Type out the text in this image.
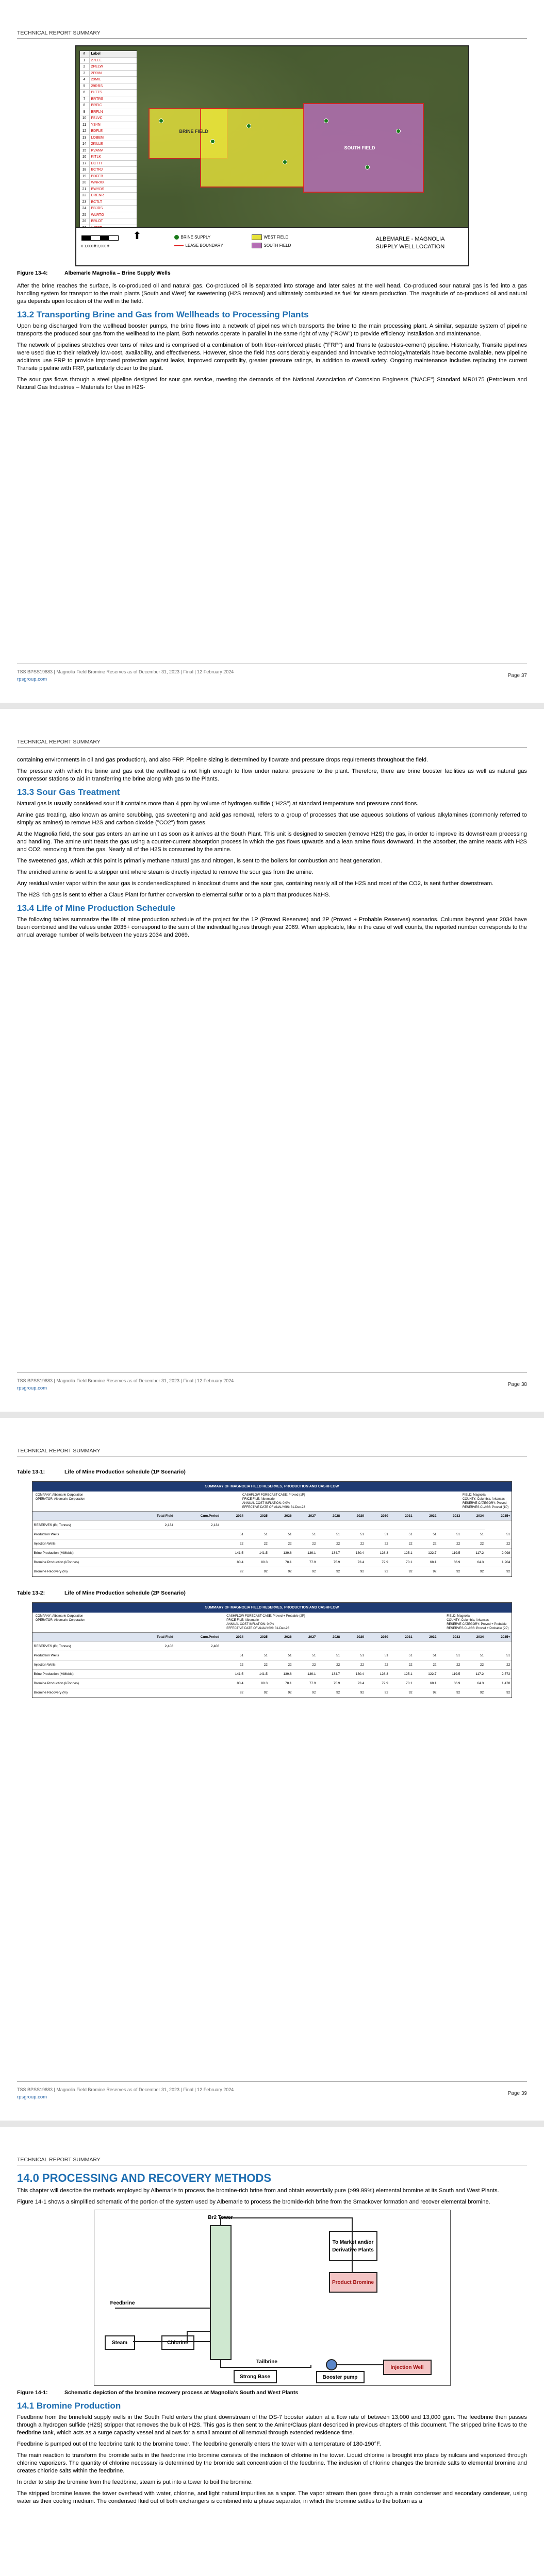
TECHNICAL REPORT SUMMARY
BRINE FIELD
SOUTH FIELD
#	Label
1	27LEE
2	2PELW
3	2PRIN
4	29MIL
5	29RRS
6	BLTTS
7	BRTRS
8	BRFIC
9	BRFLN
10	FSLVC
11	YS4N
12	BDFLE
13	LOBEM
14	2KILLE
15	KVANV
16	KITLK
17	ECTTT
18	BCTRJ
19	BDFEB
20	WNRXX
21	BWYDS
22	DRENR
23	BCTLT
24	BBJDS
25	WLRTO
26	BRLOT
0 1,000 ft 2,000 ft
⬆	BRINE SUPPLY	WEST FIELD LEASE BOUNDARY	SOUTH FIELD
ALBEMARLE - MAGNOLIA
SUPPLY WELL LOCATION
Figure 13-4:	Albemarle Magnolia – Brine Supply Wells

After the brine reaches the surface, is co-produced oil and natural gas. Co-produced oil is separated into storage and later sales at the well head. Co-produced sour natural gas is fed into a gas handling system for transport to the main plants (South and West) for sweetening (H2S removal) and ultimately combusted as fuel for steam production. The magnitude of co-produced oil and natural gas depends upon location of the well in the field.

13.2 Transporting Brine and Gas from Wellheads to Processing Plants

Upon being discharged from the wellhead booster pumps, the brine flows into a network of pipelines which transports the brine to the main processing plant. A similar, separate system of pipeline transports the produced sour gas from the wellhead to the plant. Both networks operate in parallel in the same right of way ("ROW") to provide efficiency installation and maintenance.

The network of pipelines stretches over tens of miles and is comprised of a combination of both fiber-reinforced plastic ("FRP") and Transite (asbestos-cement) pipeline. Historically, Transite pipelines were used due to their relatively low-cost, availability, and effectiveness. However, since the field has considerably expanded and innovative technology/materials have become available, new pipeline additions use FRP to provide improved protection against leaks, improved compatibility, greater pressure ratings, in addition to overall safety. Ongoing maintenance includes replacing the current Transite pipeline with FRP, particularly closer to the plant.

The sour gas flows through a steel pipeline designed for sour gas service, meeting the demands of the National Association of Corrosion Engineers ("NACE") Standard MR0175 (Petroleum and Natural Gas Industries – Materials for Use in H2S-

TSS BPSS19883 | Magnolia Field Bromine Reserves as of December 31, 2023 | Final | 12 February 2024
rpsgroup.com
Page 37
TECHNICAL REPORT SUMMARY

containing environments in oil and gas production), and also FRP. Pipeline sizing is determined by flowrate and pressure drops requirements throughout the field.

The pressure with which the brine and gas exit the wellhead is not high enough to flow under natural pressure to the plant. Therefore, there are brine booster facilities as well as natural gas compressor stations to aid in transferring the brine along with gas to the Plants.

13.3 Sour Gas Treatment

Natural gas is usually considered sour if it contains more than 4 ppm by volume of hydrogen sulfide ("H2S") at standard temperature and pressure conditions.

Amine gas treating, also known as amine scrubbing, gas sweetening and acid gas removal, refers to a group of processes that use aqueous solutions of various alkylamines (commonly referred to simply as amines) to remove H2S and carbon dioxide ("CO2") from gases.

At the Magnolia field, the sour gas enters an amine unit as soon as it arrives at the South Plant. This unit is designed to sweeten (remove H2S) the gas, in order to improve its downstream processing and handling. The amine unit treats the gas using a counter-current absorption process in which the gas flows upwards and a lean amine flows downward. In the absorber, the amine reacts with H2S and CO2, removing it from the gas. Nearly all of the H2S is consumed by the amine.

The sweetened gas, which at this point is primarily methane natural gas and nitrogen, is sent to the boilers for combustion and heat generation.

The enriched amine is sent to a stripper unit where steam is directly injected to remove the sour gas from the amine.

Any residual water vapor within the sour gas is condensed/captured in knockout drums and the sour gas, containing nearly all of the H2S and most of the CO2, is sent further downstream.

The H2S rich gas is sent to either a Claus Plant for further conversion to elemental sulfur or to a plant that produces NaHS.

13.4 Life of Mine Production Schedule

The following tables summarize the life of mine production schedule of the project for the 1P (Proved Reserves) and 2P (Proved + Probable Reserves) scenarios. Columns beyond year 2034 have been combined and the values under 2035+ correspond to the sum of the individual figures through year 2069. When applicable, like in the case of well counts, the reported number corresponds to the annual average number of wells between the years 2034 and 2069.

TSS BPSS19883 | Magnolia Field Bromine Reserves as of December 31, 2023 | Final | 12 February 2024
rpsgroup.com
Page 38
TECHNICAL REPORT SUMMARY
Table 13-1:	Life of Mine Production schedule (1P Scenario)
SUMMARY OF MAGNOLIA FIELD RESERVES, PRODUCTION AND CASHFLOW
COMPANY: Albemarle Corporation
OPERATOR: Albemarle Corporation
CASHFLOW FORECAST CASE: Proved (1P)
PRICE FILE: Albemarle
ANNUAL COST INFLATION: 0.0%
EFFECTIVE DATE OF ANALYSIS: 31-Dec-23
FIELD: Magnolia
COUNTY: Columbia, Arkansas
RESERVE CATEGORY: Proved
RESERVES CLASS: Proved (1P)
	Total Field	Cum.Period	2024	2025	2026	2027	2028	2029	2030	2031	2032	2033	2034	2035+
RESERVES (Br, Tonnes)	2,134	2,134												
Production Wells			51	51	51	51	51	51	51	51	51	51	51	51
Injection Wells			22	22	22	22	22	22	22	22	22	22	22	22
Brine Production (MMbbls)			141.5	141.5	139.6	136.1	134.7	130.4	128.3	125.1	122.7	119.5	117.2	2,098
Bromine Production (kTonnes)			80.4	80.3	78.1	77.9	75.9	73.4	72.9	70.1	68.1	66.9	64.3	1,204
Bromine Recovery (%)			92	92	92	92	92	92	92	92	92	92	92	92
Table 13-2:	Life of Mine Production schedule (2P Scenario)
SUMMARY OF MAGNOLIA FIELD RESERVES, PRODUCTION AND CASHFLOW
COMPANY: Albemarle Corporation
OPERATOR: Albemarle Corporation
CASHFLOW FORECAST CASE: Proved + Probable (2P)
PRICE FILE: Albemarle
ANNUAL COST INFLATION: 0.0%
EFFECTIVE DATE OF ANALYSIS: 31-Dec-23
FIELD: Magnolia
COUNTY: Columbia, Arkansas
RESERVE CATEGORY: Proved + Probable
RESERVES CLASS: Proved + Probable (2P)
	Total Field	Cum.Period	2024	2025	2026	2027	2028	2029	2030	2031	2032	2033	2034	2035+
RESERVES (Br, Tonnes)	2,408	2,408												
Production Wells			51	51	51	51	51	51	51	51	51	51	51	51
Injection Wells			22	22	22	22	22	22	22	22	22	22	22	22
Brine Production (MMbbls)			141.5	141.5	139.6	136.1	134.7	130.4	128.3	125.1	122.7	119.5	117.2	2,572
Bromine Production (kTonnes)			80.4	80.3	78.1	77.9	75.9	73.4	72.9	70.1	68.1	66.9	64.3	1,478
Bromine Recovery (%)			92	92	92	92	92	92	92	92	92	92	92	92
TSS BPSS19883 | Magnolia Field Bromine Reserves as of December 31, 2023 | Final | 12 February 2024
rpsgroup.com
Page 39
TECHNICAL REPORT SUMMARY
14.0 PROCESSING AND RECOVERY METHODS

This chapter will describe the methods employed by Albemarle to process the bromine-rich brine from and obtain essentially pure (>99.99%) elemental bromine at its South and West Plants.

Figure 14-1 shows a simplified schematic of the portion of the system used by Albemarle to process the bromide-rich brine from the Smackover formation and recover elemental bromine.

Br2 Tower
To Market and/or Derivative Plants
Product Bromine
Feedbrine
Steam	Chlorine
Tailbrine
Strong Base	Booster pump
Injection Well
Figure 14-1:	Schematic depiction of the bromine recovery process at Magnolia's South and West Plants
14.1 Bromine Production

Feedbrine from the brinefield supply wells in the South Field enters the plant downstream of the DS-7 booster station at a flow rate of between 13,000 and 13,000 gpm. The feedbrine then passes through a hydrogen sulfide (H2S) stripper that removes the bulk of H2S. This gas is then sent to the Amine/Claus plant described in previous chapters of this document. The stripped brine flows to the feedbrine tank, which acts as a surge capacity vessel and allows for a small amount of oil removal through extended residence time.

Feedbrine is pumped out of the feedbrine tank to the bromine tower. The feedbrine generally enters the tower with a temperature of 180-190°F.

The main reaction to transform the bromide salts in the feedbrine into bromine consists of the inclusion of chlorine in the tower. Liquid chlorine is brought into place by railcars and vaporized through chlorine vaporizers. The quantity of chlorine necessary is determined by the bromide salt concentration of the feedbrine. The inclusion of chlorine changes the bromide salts to elemental bromine and creates chloride salts within the feedbrine.

In order to strip the bromine from the feedbrine, steam is put into a tower to boil the bromine.

The stripped bromine leaves the tower overhead with water, chlorine, and light natural impurities as a vapor. The vapor stream then goes through a main condenser and secondary condenser, using water as their cooling medium. The condensed fluid out of both exchangers is combined into a phase separator, in which the bromine settles to the bottom as a
